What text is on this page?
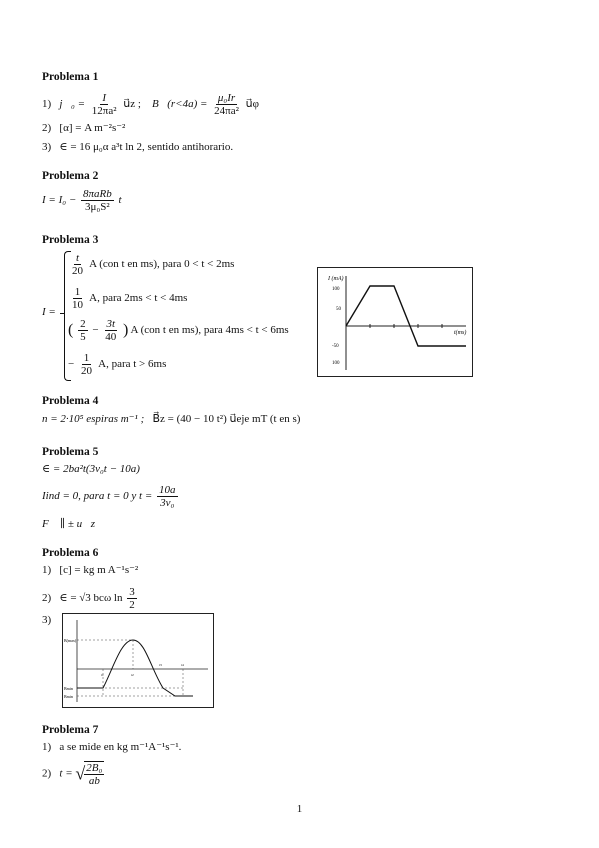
Problema 1
1) j⃗₀ = $\frac{I}{\text{12πa²}}$ u⃗z ; B⃗(r<4a) = $\frac{\text{μ₀Ir}}{\text{24πa²}}$ u⃗φ
2) [α] = A m⁻²s⁻²
3) ∈ = 16 μ₀α a³t ln 2, sentido antihorario.
Problema 2
$I = I_0 - \frac{\text{8πaRb}}{\text{3μ₀S²}}$ t
Problema 3
I =
$\frac{t}{20}$ A (con t en ms), para 0 < t < 2ms
$\frac{1}{10} A$, para 2ms < t < 4ms
( $\frac{2}{5} - \frac{3t}{40}$ ) A (con t en ms), para 4ms < t < 6ms
− $\frac{1}{20} A$, para t > 6ms
I (mA)
t(ms)
100
50
-50
100
Problema 4
n = 2·10⁵ espiras m⁻¹ ; B⃗z = (40 − 10 t²) u⃗eje mT (t en s)
Problema 5
∈ = 2ba²t(3v₀t − 10a)
Iind = 0, para t = 0 y $t = \frac{10a}{\text{3v₀}}$
F⃗ ∥ ± u⃗z
Problema 6
1) [c] = kg m A⁻¹s⁻²
2) ∈ = √3 bcω $\ln \frac{3}{2}$
3)
B(max)
Bmin
Bmin
t1	t2
t3	t4
Problema 7
1) a se mide en kg m⁻¹A⁻¹s⁻¹.
2) t = √ $\frac{\text{2B₀}}{ab}$
1
